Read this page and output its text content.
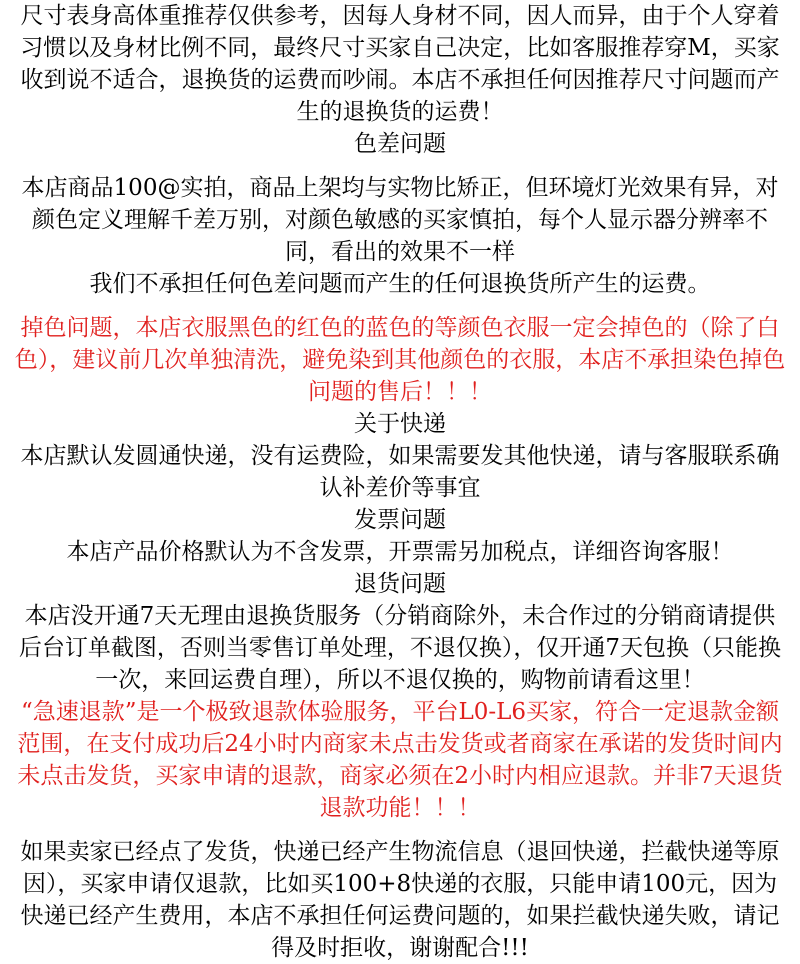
尺寸表身高体重推荐仅供参考，因每人身材不同，因人而异，由于个人穿着习惯以及身材比例不同，最终尺寸买家自己决定，比如客服推荐穿M，买家收到说不适合，退换货的运费而吵闹。本店不承担任何因推荐尺寸问题而产生的退换货的运费！

色差问题

本店商品100@实拍，商品上架均与实物比矫正，但环境灯光效果有异，对颜色定义理解千差万别，对颜色敏感的买家慎拍，每个人显示器分辨率不同，看出的效果不一样

我们不承担任何色差问题而产生的任何退换货所产生的运费。

掉色问题，本店衣服黑色的红色的蓝色的等颜色衣服一定会掉色的（除了白色），建议前几次单独清洗，避免染到其他颜色的衣服，本店不承担染色掉色问题的售后！！！

关于快递

本店默认发圆通快递，没有运费险，如果需要发其他快递，请与客服联系确认补差价等事宜

发票问题

本店产品价格默认为不含发票，开票需另加税点，详细咨询客服！

退货问题

本店没开通7天无理由退换货服务（分销商除外，未合作过的分销商请提供后台订单截图，否则当零售订单处理，不退仅换），仅开通7天包换（只能换一次，来回运费自理），所以不退仅换的，购物前请看这里！

“急速退款”是一个极致退款体验服务，平台L0-L6买家，符合一定退款金额范围，在支付成功后24小时内商家未点击发货或者商家在承诺的发货时间内未点击发货，买家申请的退款，商家必须在2小时内相应退款。并非7天退货退款功能！！！

如果卖家已经点了发货，快递已经产生物流信息（退回快递，拦截快递等原因），买家申请仅退款，比如买100+8快递的衣服，只能申请100元，因为快递已经产生费用，本店不承担任何运费问题的，如果拦截快递失败，请记得及时拒收，谢谢配合!!!
